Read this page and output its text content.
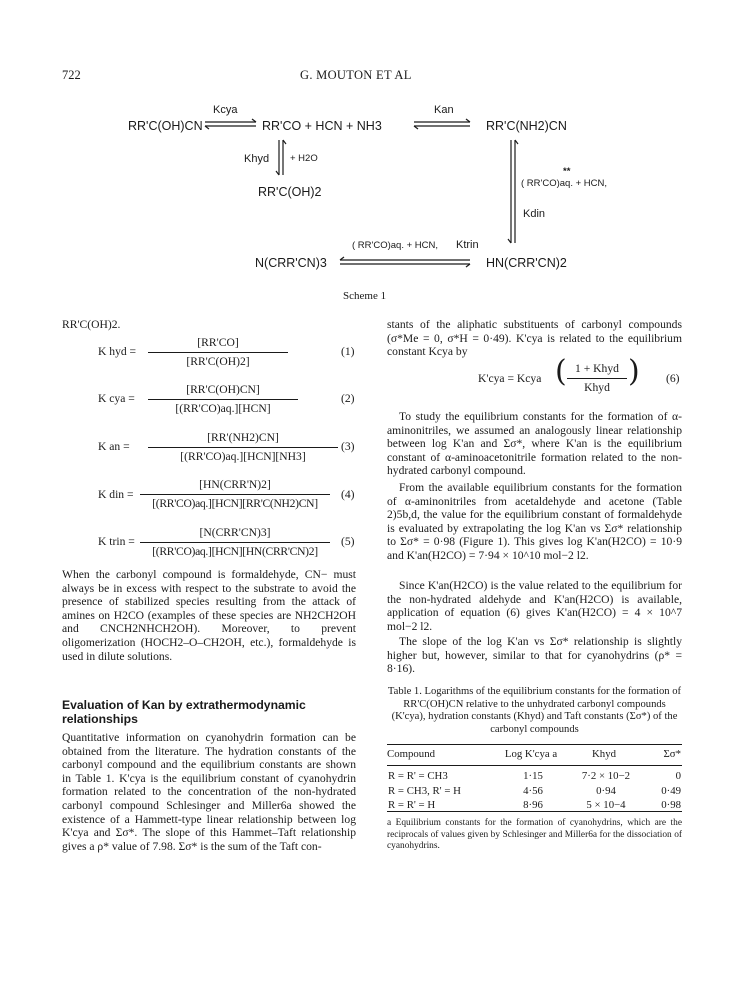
722	G. MOUTON ET AL
Kcya	Kan
RR'C(OH)CN	RR'CO + HCN + NH3	RR'C(NH2)CN
Khyd + H2O
RR'C(OH)2
**
( RR'CO)aq. + HCN,
Kdin
( RR'CO)aq. + HCN, Ktrin
N(CRR'CN)3	HN(CRR'CN)2
Scheme 1
RR'C(OH)2.
K hyd =
[RR'CO]
[RR'C(OH)2]
(1)
K cya =
[RR'C(OH)CN]
[(RR'CO)aq.][HCN]
(2)
K an =
[RR'(NH2)CN]
[(RR'CO)aq.][HCN][NH3]
(3)
K din =
[HN(CRR'N)2]
[(RR'CO)aq.][HCN][RR'C(NH2)CN]
(4)
K trin =
[N(CRR'CN)3]
[(RR'CO)aq.][HCN][HN(CRR'CN)2]
(5)
When the carbonyl compound is formaldehyde, CN− must always be in excess with respect to the substrate to avoid the presence of stabilized species resulting from the attack of amines on H2CO (examples of these species are NH2CH2OH and CNCH2NHCH2OH). Moreover, to prevent oligomerization (HOCH2–O–CH2OH, etc.), formaldehyde is used in dilute solutions.
Evaluation of Kan by extrathermodynamic relationships
Quantitative information on cyanohydrin formation can be obtained from the literature. The hydration constants of the carbonyl compound and the equilibrium constants are shown in Table 1. K'cya is the equilibrium constant of cyanohydrin formation related to the concentration of the non-hydrated carbonyl compound Schlesinger and Miller6a showed the existence of a Hammett-type linear relationship between log K'cya and Σσ*. The slope of this Hammet–Taft relationship gives a ρ* value of 7.98. Σσ* is the sum of the Taft con-
stants of the aliphatic substituents of carbonyl compounds (σ*Me = 0, σ*H = 0·49). K'cya is related to the equilibrium constant Kcya by
K'cya = Kcya ( 1 + Khyd
Khyd ) (6)
To study the equilibrium constants for the formation of α-aminonitriles, we assumed an analogously linear relationship between log K'an and Σσ*, where K'an is the equilibrium constant of α-aminoacetonitrile formation related to the non-hydrated carbonyl compound.
From the available equilibrium constants for the formation of α-aminonitriles from acetaldehyde and acetone (Table 2)5b,d, the value for the equilibrium constant of formaldehyde is evaluated by extrapolating the log K'an vs Σσ* relationship to Σσ* = 0·98 (Figure 1). This gives log K'an(H2CO) = 10·9 and K'an(H2CO) = 7·94 × 10^10 mol−2 l2.
Since K'an(H2CO) is the value related to the equilibrium for the non-hydrated aldehyde and K'an(H2CO) is available, application of equation (6) gives K'an(H2CO) = 4 × 10^7 mol−2 l2.
The slope of the log K'an vs Σσ* relationship is slightly higher but, however, similar to that for cyanohydrins (ρ* = 8·16).
Table 1. Logarithms of the equilibrium constants for the formation of RR'C(OH)CN relative to the unhydrated carbonyl compounds (K'cya), hydration constants (Khyd) and Taft constants (Σσ*) of the carbonyl compounds
Compound	Log K'cya a	Khyd	Σσ*
R = R' = CH3	1·15	7·2 × 10−2	0
R = CH3, R' = H	4·56	0·94	0·49
R = R' = H	8·96	5 × 10−4	0·98
a Equilibrium constants for the formation of cyanohydrins, which are the reciprocals of values given by Schlesinger and Miller6a for the dissociation of cyanohydrins.
